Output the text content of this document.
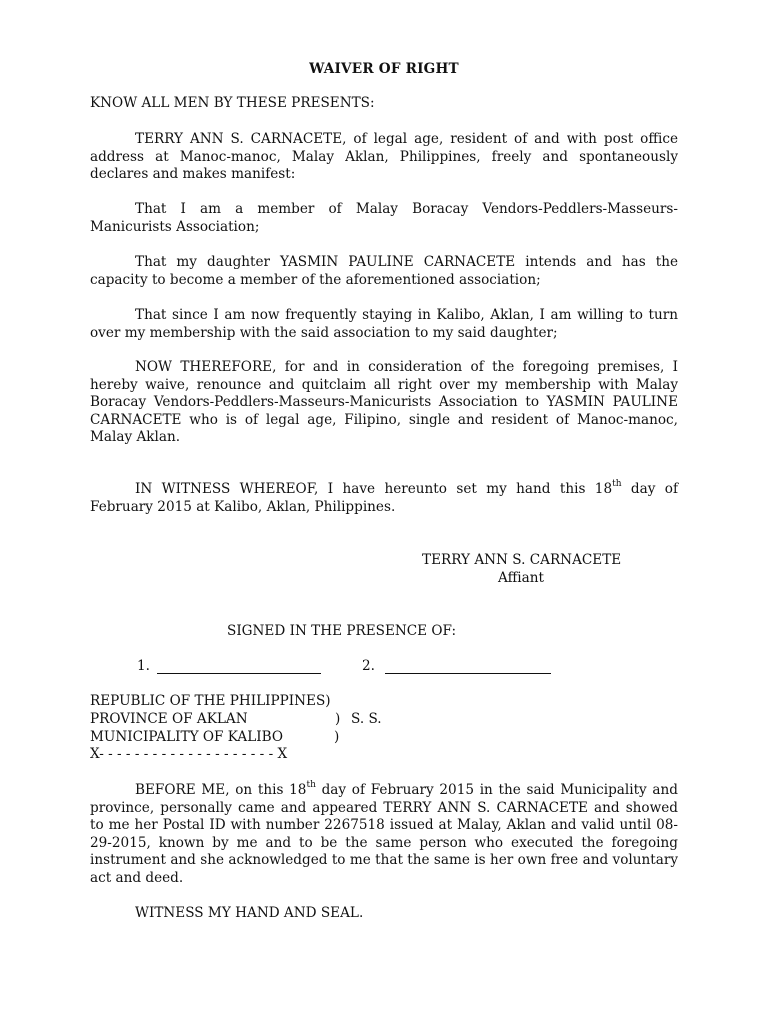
WAIVER OF RIGHT
KNOW ALL MEN BY THESE PRESENTS:
TERRY ANN S. CARNACETE, of legal age, resident of and with post office address at Manoc-manoc, Malay Aklan, Philippines, freely and spontaneously declares and makes manifest:
That I am a member of Malay Boracay Vendors-Peddlers-Masseurs-Manicurists Association;
That my daughter YASMIN PAULINE CARNACETE intends and has the capacity to become a member of the aforementioned association;
That since I am now frequently staying in Kalibo, Aklan, I am willing to turn over my membership with the said association to my said daughter;
NOW THEREFORE, for and in consideration of the foregoing premises, I hereby waive, renounce and quitclaim all right over my membership with Malay Boracay Vendors-Peddlers-Masseurs-Manicurists Association to YASMIN PAULINE CARNACETE who is of legal age, Filipino, single and resident of Manoc-manoc, Malay Aklan.
IN WITNESS WHEREOF, I have hereunto set my hand this 18th day of February 2015 at Kalibo, Aklan, Philippines.
TERRY ANN S. CARNACETE
Affiant
SIGNED IN THE PRESENCE OF:
1.	2.
REPUBLIC OF THE PHILIPPINES)
PROVINCE OF AKLAN	) S. S.
MUNICIPALITY OF KALIBO	)
X- - - - - - - - - - - - - - - - - - - - X
BEFORE ME, on this 18th day of February 2015 in the said Municipality and province, personally came and appeared TERRY ANN S. CARNACETE and showed to me her Postal ID with number 2267518 issued at Malay, Aklan and valid until 08-29-2015, known by me and to be the same person who executed the foregoing instrument and she acknowledged to me that the same is her own free and voluntary act and deed.
WITNESS MY HAND AND SEAL.
